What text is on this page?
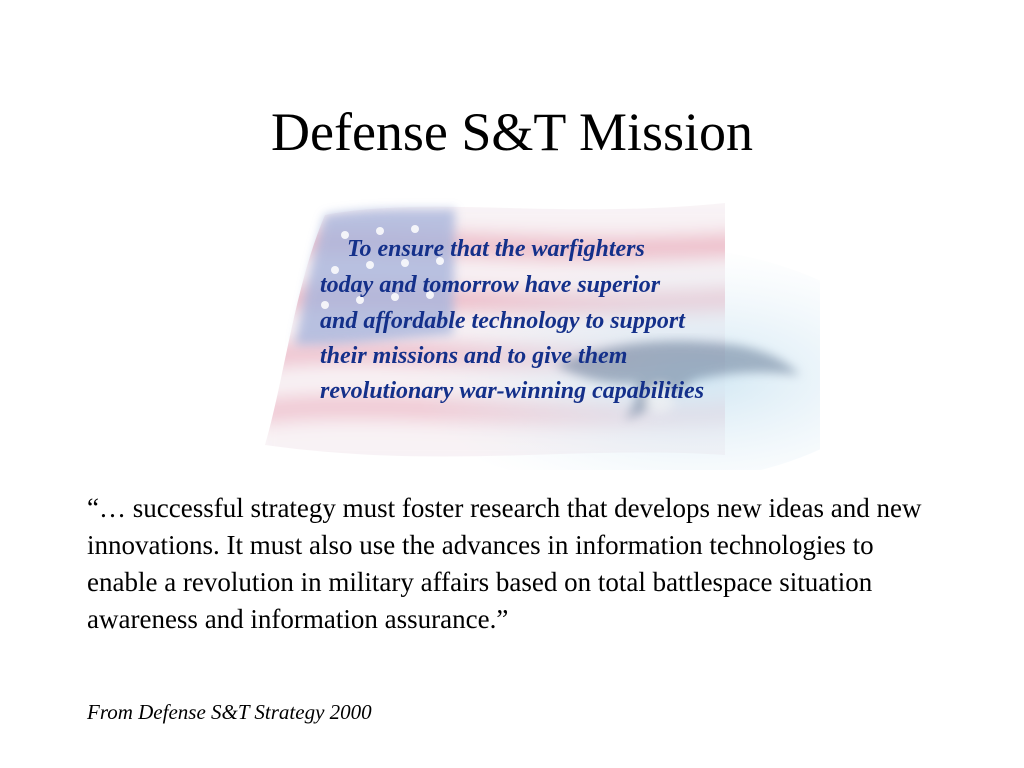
Defense S&T Mission
To ensure that the warfighters
today and tomorrow have superior
and affordable technology to support
their missions and to give them
revolutionary war-winning capabilities

“… successful strategy must foster research that develops new ideas and new innovations. It must also use the advances in information technologies to enable a revolution in military affairs based on total battlespace situation awareness and information assurance.”

From Defense S&T Strategy 2000
